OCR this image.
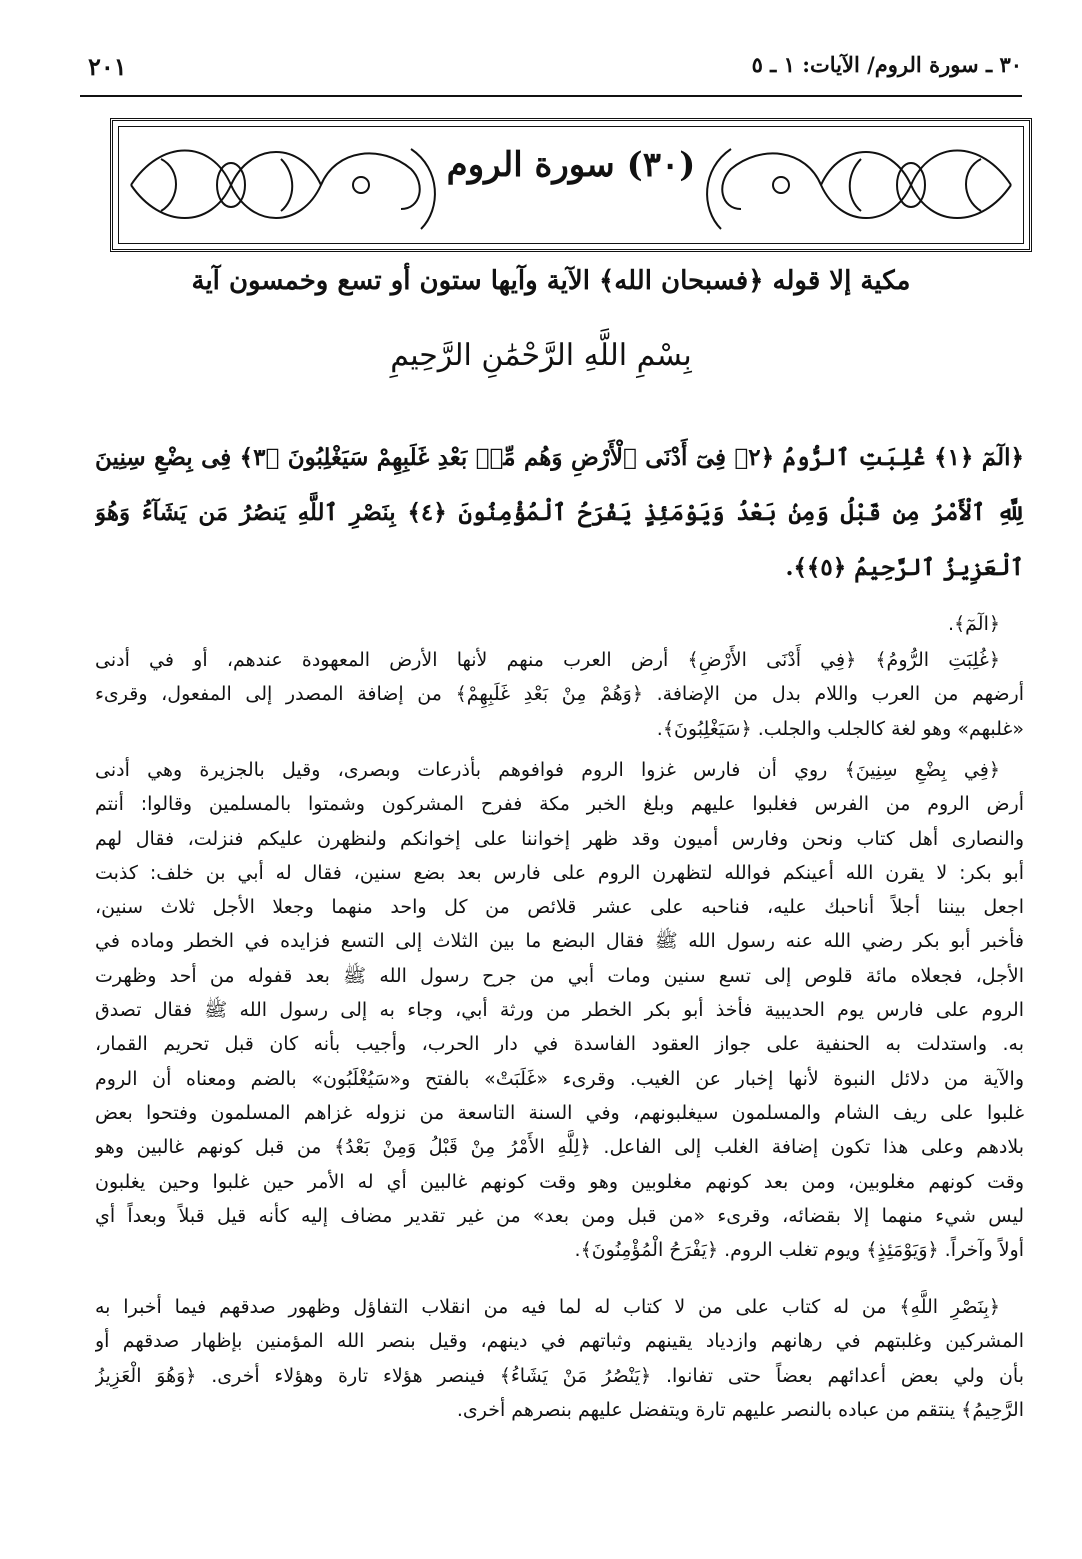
٣٠ ـ سورة الروم/ الآيات: ١ ـ ٥
٢٠١
(٣٠) سورة الروم
مكية إلا قوله ﴿فسبحان الله﴾ الآية وآيها ستون أو تسع وخمسون آية
بِسْمِ اللَّهِ الرَّحْمَٰنِ الرَّحِيمِ
﴿الٓمٓ ﴿١﴾ غُلِبَتِ ٱلرُّومُ ﴿٢﴾ فِىٓ أَدْنَى ٱلْأَرْضِ وَهُم مِّنۢ بَعْدِ غَلَبِهِمْ سَيَغْلِبُونَ ﴿٣﴾ فِى بِضْعِ سِنِينَ
لِلَّهِ ٱلْأَمْرُ مِن قَبْلُ وَمِنۢ بَعْدُ وَيَوْمَئِذٍ يَفْرَحُ ٱلْمُؤْمِنُونَ ﴿٤﴾ بِنَصْرِ ٱللَّهِ يَنصُرُ مَن يَشَآءُ وَهُوَ
ٱلْعَزِيزُ ٱلرَّحِيمُ ﴿٥﴾﴾.
﴿الٓمٓ﴾.
﴿غُلِبَتِ الرُّومُ﴾ ﴿فِي أَدْنَى الأَرْضِ﴾ أرض العرب منهم لأنها الأرض المعهودة عندهم، أو في أدنى
أرضهم من العرب واللام بدل من الإضافة. ﴿وَهُمْ مِنْ بَعْدِ غَلَبِهِمْ﴾ من إضافة المصدر إلى المفعول، وقرىء
«غلبهم» وهو لغة كالجلب والجلب. ﴿سَيَغْلِبُونَ﴾.
﴿فِي بِضْعِ سِنِينَ﴾ روي أن فارس غزوا الروم فوافوهم بأذرعات وبصرى، وقيل بالجزيرة وهي أدنى
أرض الروم من الفرس فغلبوا عليهم وبلغ الخبر مكة ففرح المشركون وشمتوا بالمسلمين وقالوا: أنتم
والنصارى أهل كتاب ونحن وفارس أميون وقد ظهر إخواننا على إخوانكم ولنظهرن عليكم فنزلت، فقال لهم
أبو بكر: لا يقرن الله أعينكم فوالله لتظهرن الروم على فارس بعد بضع سنين، فقال له أبي بن خلف: كذبت
اجعل بيننا أجلاً أناحبك عليه، فناحبه على عشر قلائص من كل واحد منهما وجعلا الأجل ثلاث سنين،
فأخبر أبو بكر رضي الله عنه رسول الله ﷺ فقال البضع ما بين الثلاث إلى التسع فزايده في الخطر وماده في
الأجل، فجعلاه مائة قلوص إلى تسع سنين ومات أبي من جرح رسول الله ﷺ بعد قفوله من أحد وظهرت
الروم على فارس يوم الحديبية فأخذ أبو بكر الخطر من ورثة أبي، وجاء به إلى رسول الله ﷺ فقال تصدق
به. واستدلت به الحنفية على جواز العقود الفاسدة في دار الحرب، وأجيب بأنه كان قبل تحريم القمار،
والآية من دلائل النبوة لأنها إخبار عن الغيب. وقرىء «غَلَبَتْ» بالفتح و«سَيُغْلَبُون» بالضم ومعناه أن الروم
غلبوا على ريف الشام والمسلمون سيغلبونهم، وفي السنة التاسعة من نزوله غزاهم المسلمون وفتحوا بعض
بلادهم وعلى هذا تكون إضافة الغلب إلى الفاعل. ﴿لِلَّهِ الأَمْرُ مِنْ قَبْلُ وَمِنْ بَعْدُ﴾ من قبل كونهم غالبين وهو
وقت كونهم مغلوبين، ومن بعد كونهم مغلوبين وهو وقت كونهم غالبين أي له الأمر حين غلبوا وحين يغلبون
ليس شيء منهما إلا بقضائه، وقرىء «من قبل ومن بعد» من غير تقدير مضاف إليه كأنه قيل قبلاً وبعداً أي
أولاً وآخراً. ﴿وَيَوْمَئِذٍ﴾ ويوم تغلب الروم. ﴿يَفْرَحُ الْمُؤْمِنُونَ﴾.
﴿بِنَصْرِ اللَّهِ﴾ من له كتاب على من لا كتاب له لما فيه من انقلاب التفاؤل وظهور صدقهم فيما أخبرا به
المشركين وغلبتهم في رهانهم وازدياد يقينهم وثباتهم في دينهم، وقيل بنصر الله المؤمنين بإظهار صدقهم أو
بأن ولي بعض أعدائهم بعضاً حتى تفانوا. ﴿يَنْصُرُ مَنْ يَشَاءُ﴾ فينصر هؤلاء تارة وهؤلاء أخرى. ﴿وَهُوَ الْعَزِيزُ
الرَّحِيمُ﴾ ينتقم من عباده بالنصر عليهم تارة ويتفضل عليهم بنصرهم أخرى.
